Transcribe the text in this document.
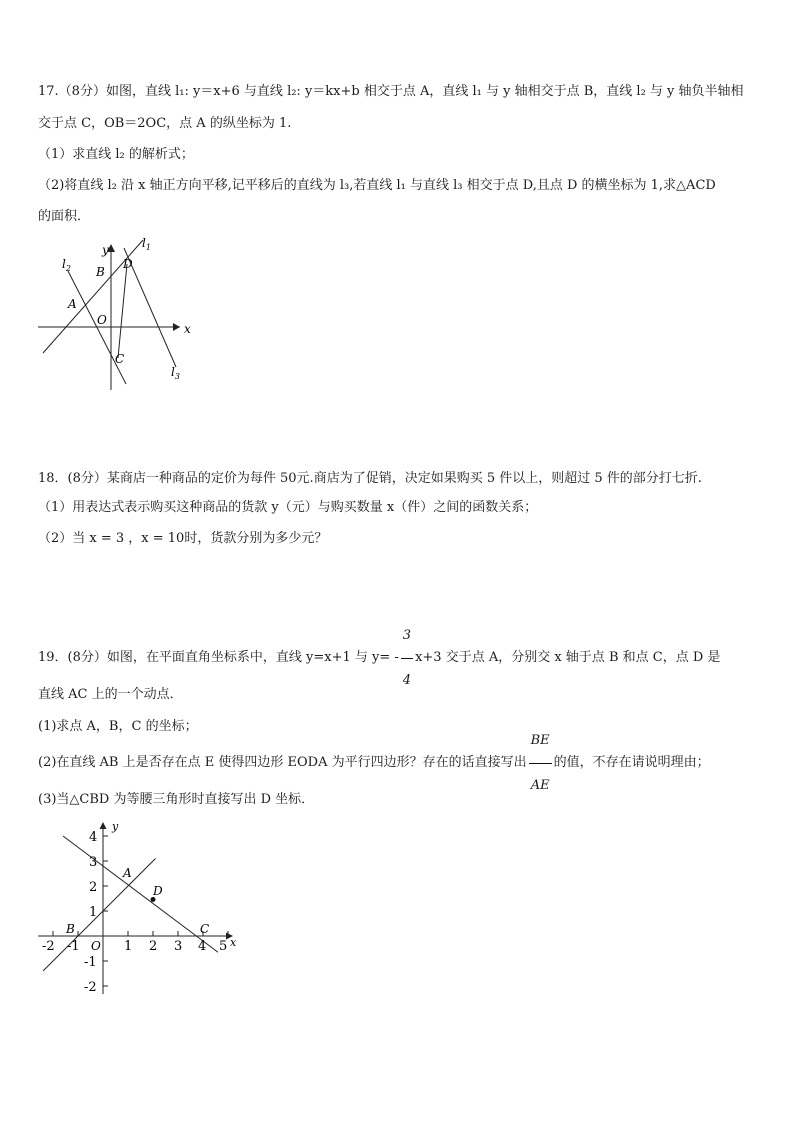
17.（8分）如图，直线 l₁: y＝x+6 与直线 l₂: y＝kx+b 相交于点 A，直线 l₁ 与 y 轴相交于点 B，直线 l₂ 与 y 轴负半轴相
交于点 C，OB＝2OC，点 A 的纵坐标为 1.
（1）求直线 l₂ 的解析式；
（2)将直线 l₂ 沿 x 轴正方向平移,记平移后的直线为 l₃,若直线 l₁ 与直线 l₃ 相交于点 D,且点 D 的横坐标为 1,求△ACD
的面积．
$l_1$
$l_2$
$l_3$
y
x
B
D
A
O
C
18．(8分）某商店一种商品的定价为每件 50元.商店为了促销，决定如果购买 5 件以上，则超过 5 件的部分打七折.
（1）用表达式表示购买这种商品的货款 y（元）与购买数量 x（件）之间的函数关系；
（2）当 x = 3 ，x = 10时，货款分别为多少元？
19．(8分）如图，在平面直角坐标系中，直线 y=x+1 与 $y= - \frac{3}{4} x+3$ 交于点 A，分别交 x 轴于点 B 和点 C，点 D 是
直线 AC 上的一个动点．
(1)求点 A，B，C 的坐标；
(2)在直线 AB 上是否存在点 E 使得四边形 EODA 为平行四边形？存在的话直接写出 $\frac{BE}{AE}$ 的值，不存在请说明理由；
(3)当△CBD 为等腰三角形时直接写出 D 坐标．
-2 -1	1 2 3 4 5
4
3
2
1
-1
-2
y
x
O
A
B	C
D
